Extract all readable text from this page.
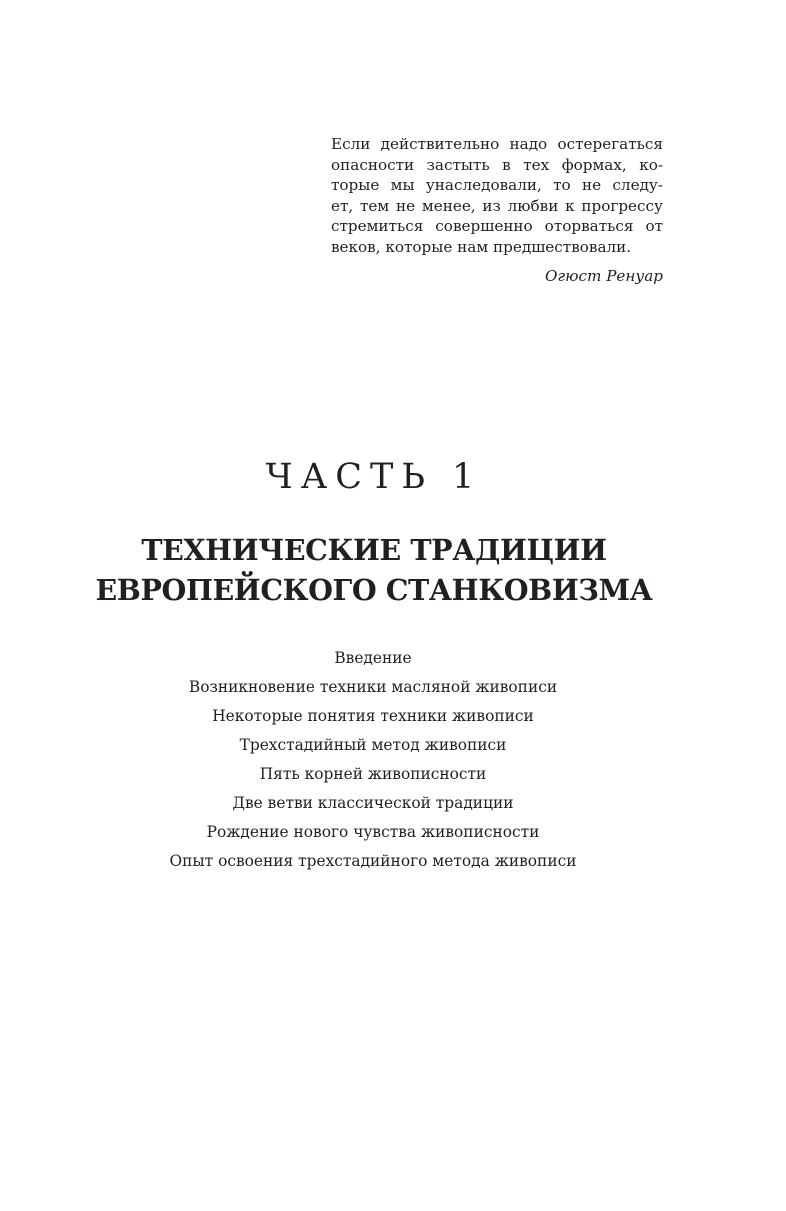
Если действительно надо остерегаться
опасности застыть в тех формах, ко-
торые мы унаследовали, то не следу-
ет, тем не менее, из любви к прогрессу
стремиться совершенно оторваться от
веков, которые нам предшествовали.
Огюст Ренуар
ЧАСТЬ 1
ТЕХНИЧЕСКИЕ ТРАДИЦИИ
ЕВРОПЕЙСКОГО СТАНКОВИЗМА
Введение
Возникновение техники масляной живописи
Некоторые понятия техники живописи
Трехстадийный метод живописи
Пять корней живописности
Две ветви классической традиции
Рождение нового чувства живописности
Опыт освоения трехстадийного метода живописи
